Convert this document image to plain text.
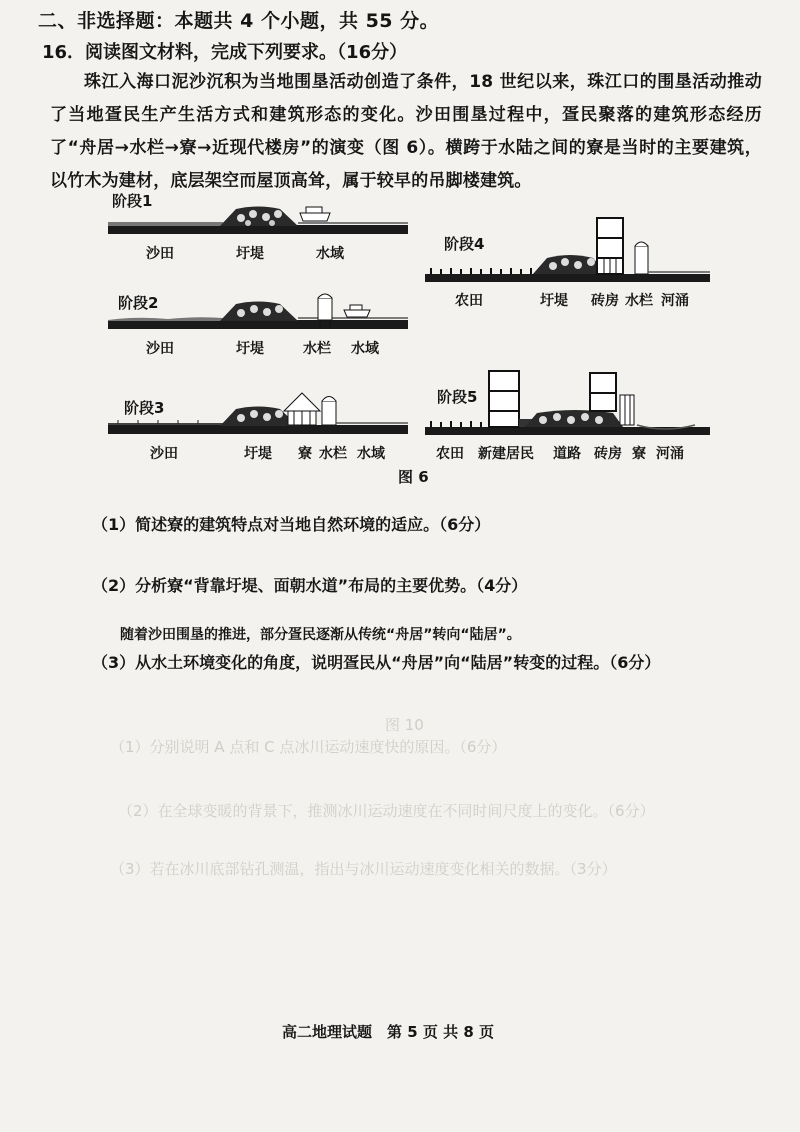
二、非选择题：本题共 4 个小题，共 55 分。
16．阅读图文材料，完成下列要求。（16分）
珠江入海口泥沙沉积为当地围垦活动创造了条件，18 世纪以来，珠江口的围垦活动推动了当地疍民生产生活方式和建筑形态的变化。沙田围垦过程中，疍民聚落的建筑形态经历了“舟居→水栏→寮→近现代楼房”的演变（图 6）。横跨于水陆之间的寮是当时的主要建筑，以竹木为建材，底层架空而屋顶高耸，属于较早的吊脚楼建筑。
（1）分别说明 A 点和 C 点冰川运动速度快的原因。（6分）
（2）在全球变暖的背景下，推测冰川运动速度在不同时间尺度上的变化。（6分）
（3）若在冰川底部钻孔测温，指出与冰川运动速度变化相关的数据。（3分）
图 10
阶段1
沙田	圩堤	水域
阶段2
沙田	圩堤	水栏 水域
阶段3
沙田	圩堤 寮 水栏 水域
阶段4
农田	圩堤 砖房 水栏 河涌
阶段5
农田 新建居民 道路 砖房 寮 河涌
图 6
（1）简述寮的建筑特点对当地自然环境的适应。（6分）
（2）分析寮“背靠圩堤、面朝水道”布局的主要优势。（4分）
随着沙田围垦的推进，部分疍民逐渐从传统“舟居”转向“陆居”。
（3）从水土环境变化的角度，说明疍民从“舟居”向“陆居”转变的过程。（6分）
高二地理试题　第 5 页 共 8 页
